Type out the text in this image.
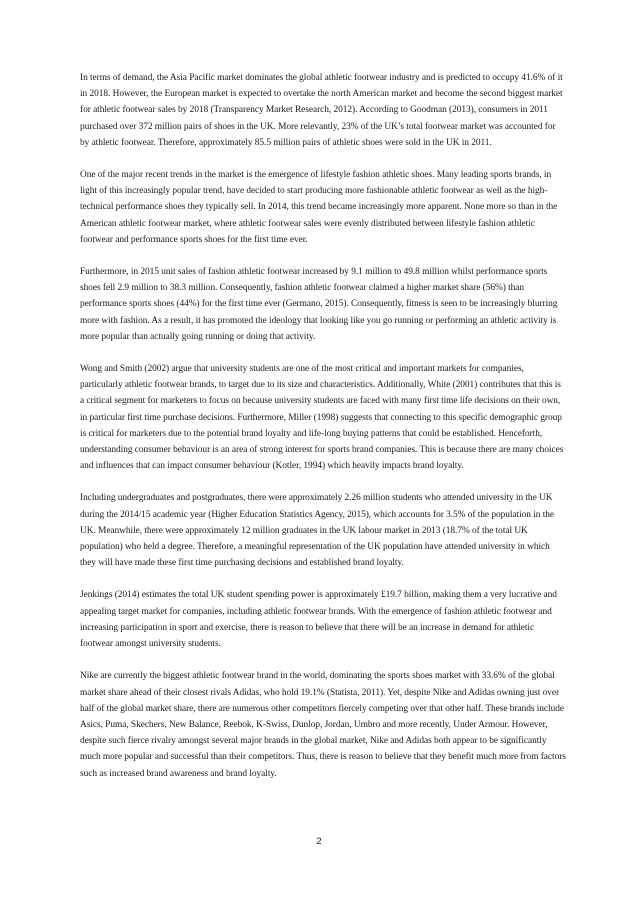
In terms of demand, the Asia Pacific market dominates the global athletic footwear industry and is predicted to occupy 41.6% of it in 2018. However, the European market is expected to overtake the north American market and become the second biggest market for athletic footwear sales by 2018 (Transparency Market Research, 2012). According to Goodman (2013), consumers in 2011 purchased over 372 million pairs of shoes in the UK. More relevantly, 23% of the UK’s total footwear market was accounted for by athletic footwear. Therefore, approximately 85.5 million pairs of athletic shoes were sold in the UK in 2011.

One of the major recent trends in the market is the emergence of lifestyle fashion athletic shoes. Many leading sports brands, in light of this increasingly popular trend, have decided to start producing more fashionable athletic footwear as well as the high-technical performance shoes they typically sell. In 2014, this trend became increasingly more apparent. None more so than in the American athletic footwear market, where athletic footwear sales were evenly distributed between lifestyle fashion athletic footwear and performance sports shoes for the first time ever.

Furthermore, in 2015 unit sales of fashion athletic footwear increased by 9.1 million to 49.8 million whilst performance sports shoes fell 2.9 million to 38.3 million. Consequently, fashion athletic footwear claimed a higher market share (56%) than performance sports shoes (44%) for the first time ever (Germano, 2015). Consequently, fitness is seen to be increasingly blurring more with fashion. As a result, it has promoted the ideology that looking like you go running or performing an athletic activity is more popular than actually going running or doing that activity.

Wong and Smith (2002) argue that university students are one of the most critical and important markets for companies, particularly athletic footwear brands, to target due to its size and characteristics. Additionally, White (2001) contributes that this is a critical segment for marketers to focus on because university students are faced with many first time life decisions on their own, in particular first time purchase decisions. Furthermore, Miller (1998) suggests that connecting to this specific demographic group is critical for marketers due to the potential brand loyalty and life-long buying patterns that could be established. Henceforth, understanding consumer behaviour is an area of strong interest for sports brand companies. This is because there are many choices and influences that can impact consumer behaviour (Kotler, 1994) which heavily impacts brand loyalty.

Including undergraduates and postgraduates, there were approximately 2.26 million students who attended university in the UK during the 2014/15 academic year (Higher Education Statistics Agency, 2015), which accounts for 3.5% of the population in the UK. Meanwhile, there were approximately 12 million graduates in the UK labour market in 2013 (18.7% of the total UK population) who held a degree. Therefore, a meaningful representation of the UK population have attended university in which they will have made these first time purchasing decisions and established brand loyalty.

Jenkings (2014) estimates the total UK student spending power is approximately £19.7 billion, making them a very lucrative and appealing target market for companies, including athletic footwear brands. With the emergence of fashion athletic footwear and increasing participation in sport and exercise, there is reason to believe that there will be an increase in demand for athletic footwear amongst university students.

Nike are currently the biggest athletic footwear brand in the world, dominating the sports shoes market with 33.6% of the global market share ahead of their closest rivals Adidas, who hold 19.1% (Statista, 2011). Yet, despite Nike and Adidas owning just over half of the global market share, there are numerous other competitors fiercely competing over that other half. These brands include Asics, Puma, Skechers, New Balance, Reebok, K-Swiss, Dunlop, Jordan, Umbro and more recently, Under Armour. However, despite such fierce rivalry amongst several major brands in the global market, Nike and Adidas both appear to be significantly much more popular and successful than their competitors. Thus, there is reason to believe that they benefit much more from factors such as increased brand awareness and brand loyalty.

2
